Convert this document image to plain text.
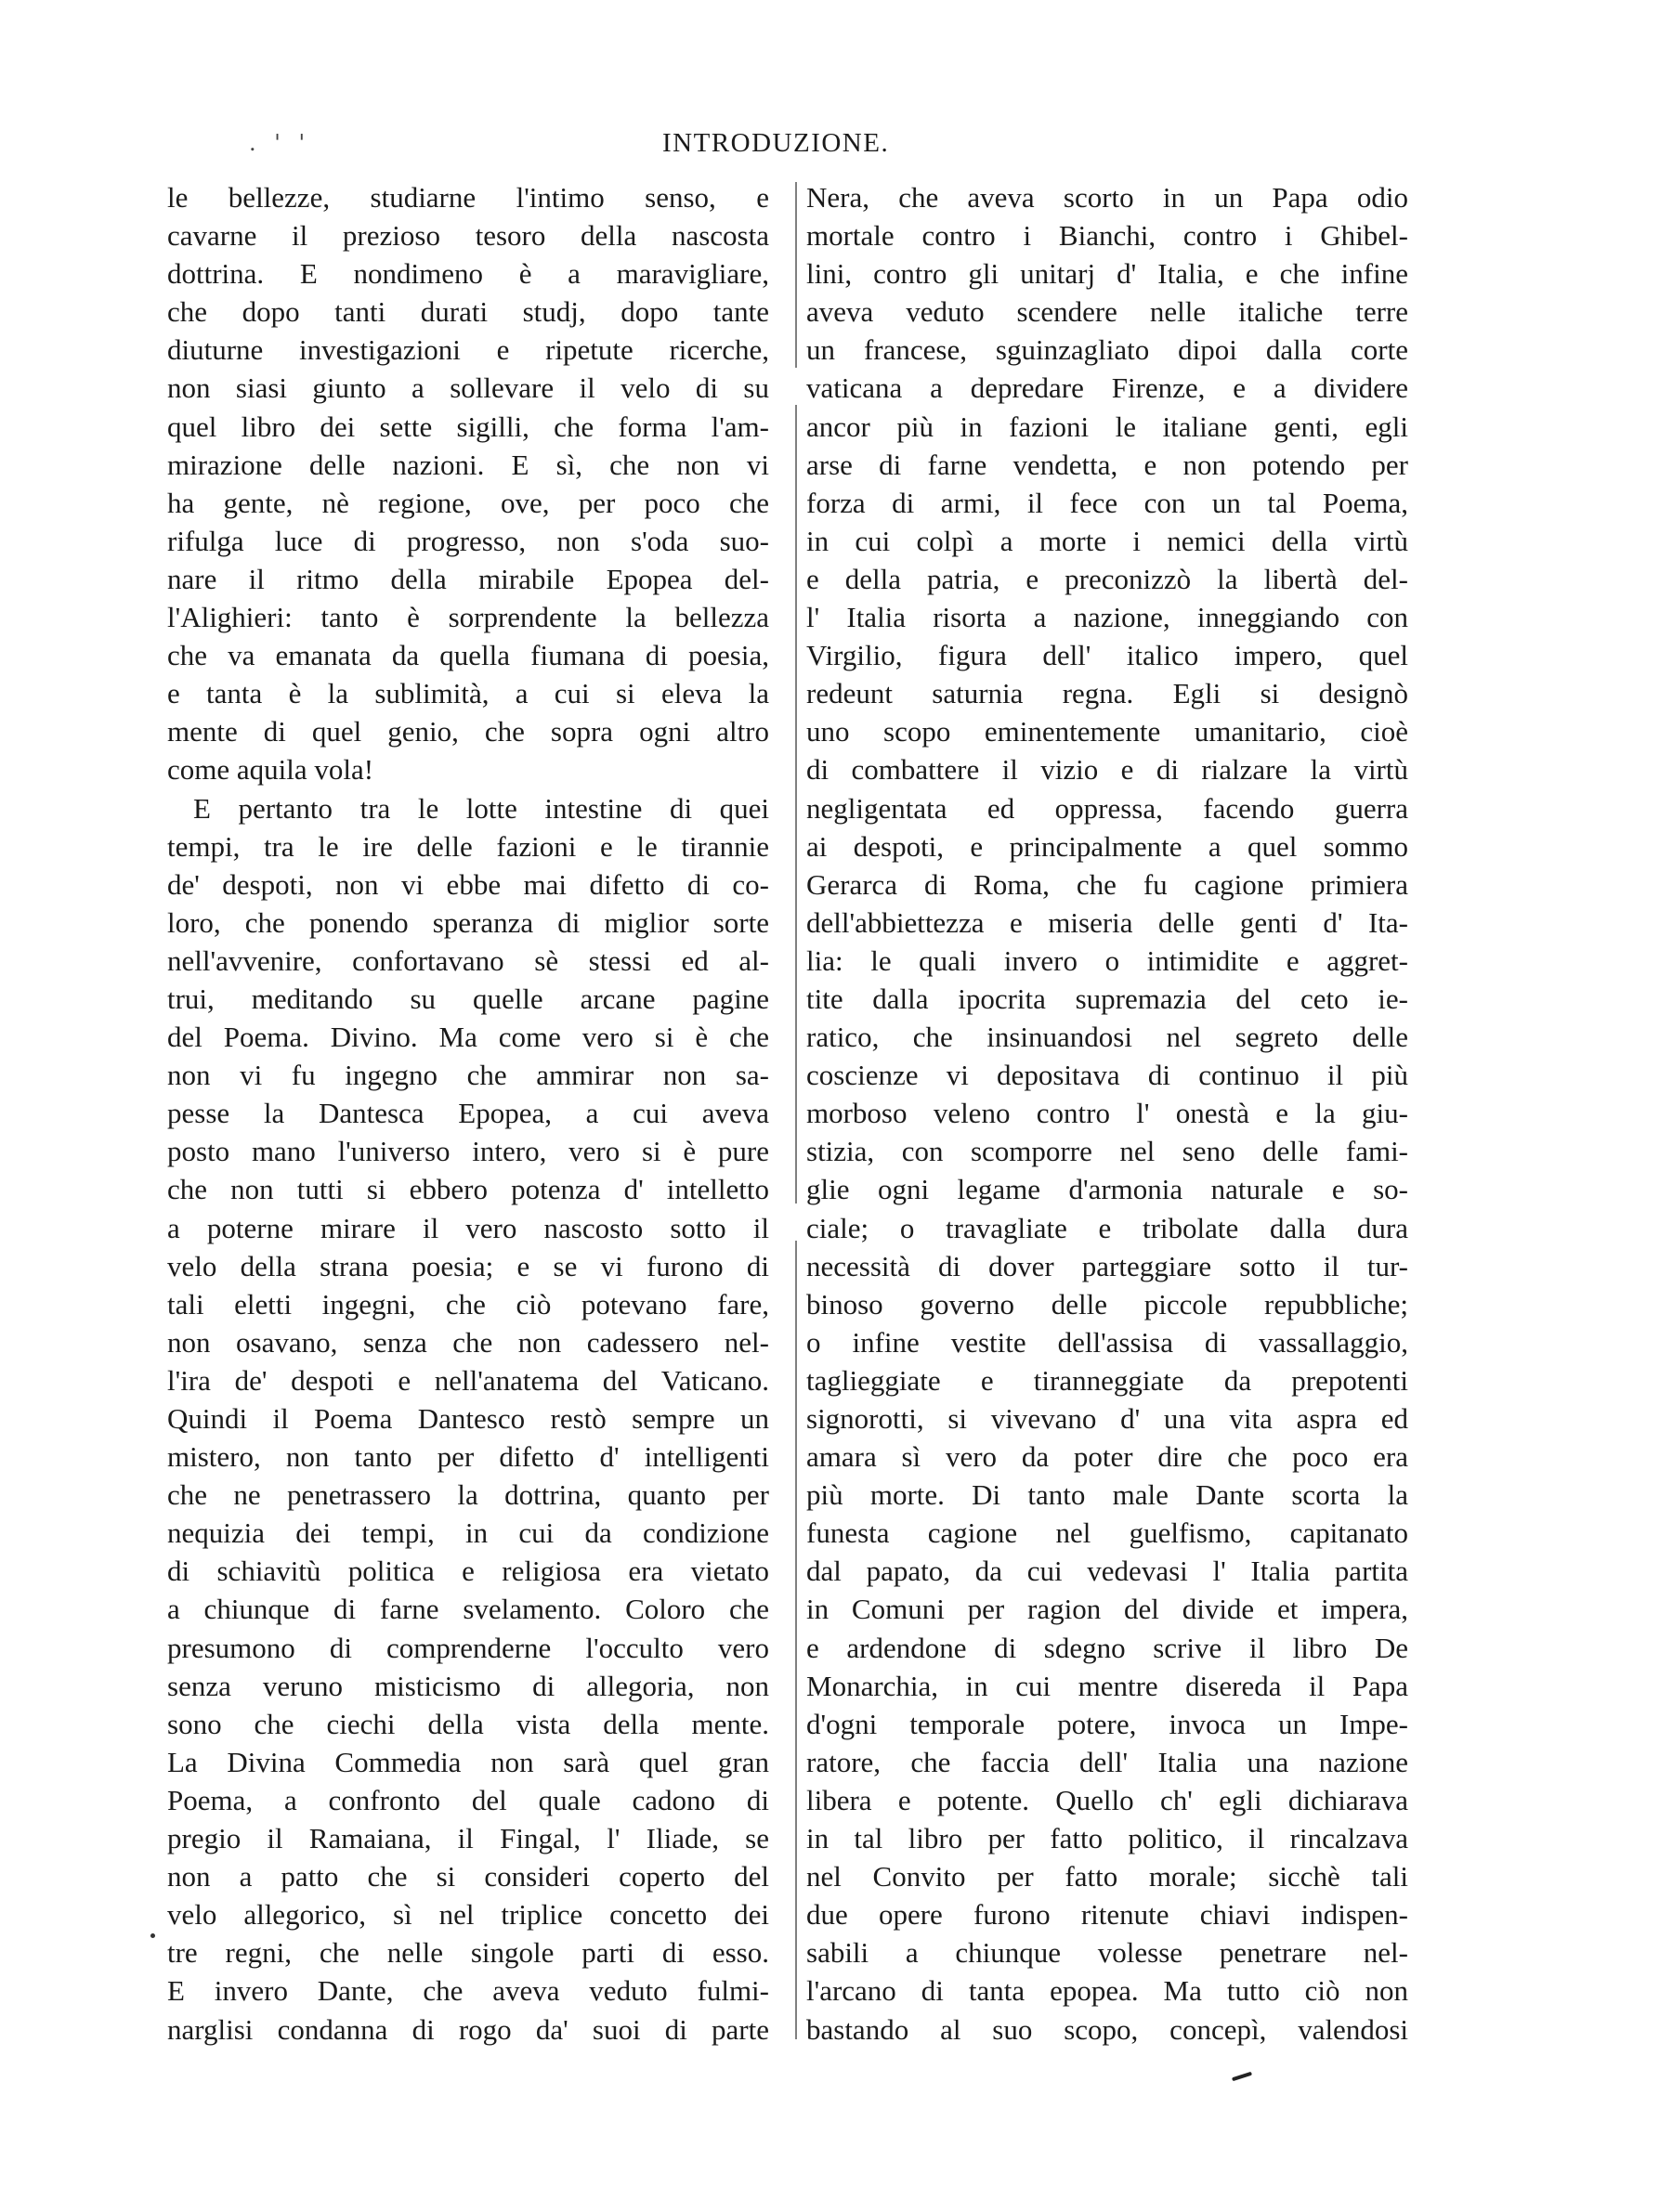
. ' '	INTRODUZIONE.
le bellezze, studiarne l'intimo senso, e
cavarne il prezioso tesoro della nascosta
dottrina. E nondimeno è a maravigliare,
che dopo tanti durati studj, dopo tante
diuturne investigazioni e ripetute ricerche,
non siasi giunto a sollevare il velo di su
quel libro dei sette sigilli, che forma l'am-
mirazione delle nazioni. E sì, che non vi
ha gente, nè regione, ove, per poco che
rifulga luce di progresso, non s'oda suo-
nare il ritmo della mirabile Epopea del-
l'Alighieri: tanto è sorprendente la bellezza
che va emanata da quella fiumana di poesia,
e tanta è la sublimità, a cui si eleva la
mente di quel genio, che sopra ogni altro
come aquila vola!
E pertanto tra le lotte intestine di quei
tempi, tra le ire delle fazioni e le tirannie
de' despoti, non vi ebbe mai difetto di co-
loro, che ponendo speranza di miglior sorte
nell'avvenire, confortavano sè stessi ed al-
trui, meditando su quelle arcane pagine
del Poema. Divino. Ma come vero si è che
non vi fu ingegno che ammirar non sa-
pesse la Dantesca Epopea, a cui aveva
posto mano l'universo intero, vero si è pure
che non tutti si ebbero potenza d' intelletto
a poterne mirare il vero nascosto sotto il
velo della strana poesia; e se vi furono di
tali eletti ingegni, che ciò potevano fare,
non osavano, senza che non cadessero nel-
l'ira de' despoti e nell'anatema del Vaticano.
Quindi il Poema Dantesco restò sempre un
mistero, non tanto per difetto d' intelligenti
che ne penetrassero la dottrina, quanto per
nequizia dei tempi, in cui da condizione
di schiavitù politica e religiosa era vietato
a chiunque di farne svelamento. Coloro che
presumono di comprenderne l'occulto vero
senza veruno misticismo di allegoria, non
sono che ciechi della vista della mente.
La Divina Commedia non sarà quel gran
Poema, a confronto del quale cadono di
pregio il Ramaiana, il Fingal, l' Iliade, se
non a patto che si consideri coperto del
velo allegorico, sì nel triplice concetto dei
tre regni, che nelle singole parti di esso.
E invero Dante, che aveva veduto fulmi-
narglisi condanna di rogo da' suoi di parte
Nera, che aveva scorto in un Papa odio
mortale contro i Bianchi, contro i Ghibel-
lini, contro gli unitarj d' Italia, e che infine
aveva veduto scendere nelle italiche terre
un francese, sguinzagliato dipoi dalla corte
vaticana a depredare Firenze, e a dividere
ancor più in fazioni le italiane genti, egli
arse di farne vendetta, e non potendo per
forza di armi, il fece con un tal Poema,
in cui colpì a morte i nemici della virtù
e della patria, e preconizzò la libertà del-
l' Italia risorta a nazione, inneggiando con
Virgilio, figura dell' italico impero, quel
redeunt saturnia regna. Egli si designò
uno scopo eminentemente umanitario, cioè
di combattere il vizio e di rialzare la virtù
negligentata ed oppressa, facendo guerra
ai despoti, e principalmente a quel sommo
Gerarca di Roma, che fu cagione primiera
dell'abbiettezza e miseria delle genti d' Ita-
lia: le quali invero o intimidite e aggret-
tite dalla ipocrita supremazia del ceto ie-
ratico, che insinuandosi nel segreto delle
coscienze vi depositava di continuo il più
morboso veleno contro l' onestà e la giu-
stizia, con scomporre nel seno delle fami-
glie ogni legame d'armonia naturale e so-
ciale; o travagliate e tribolate dalla dura
necessità di dover parteggiare sotto il tur-
binoso governo delle piccole repubbliche;
o infine vestite dell'assisa di vassallaggio,
taglieggiate e tiranneggiate da prepotenti
signorotti, si vivevano d' una vita aspra ed
amara sì vero da poter dire che poco era
più morte. Di tanto male Dante scorta la
funesta cagione nel guelfismo, capitanato
dal papato, da cui vedevasi l' Italia partita
in Comuni per ragion del divide et impera,
e ardendone di sdegno scrive il libro De
Monarchia, in cui mentre disereda il Papa
d'ogni temporale potere, invoca un Impe-
ratore, che faccia dell' Italia una nazione
libera e potente. Quello ch' egli dichiarava
in tal libro per fatto politico, il rincalzava
nel Convito per fatto morale; sicchè tali
due opere furono ritenute chiavi indispen-
sabili a chiunque volesse penetrare nel-
l'arcano di tanta epopea. Ma tutto ciò non
bastando al suo scopo, concepì, valendosi
